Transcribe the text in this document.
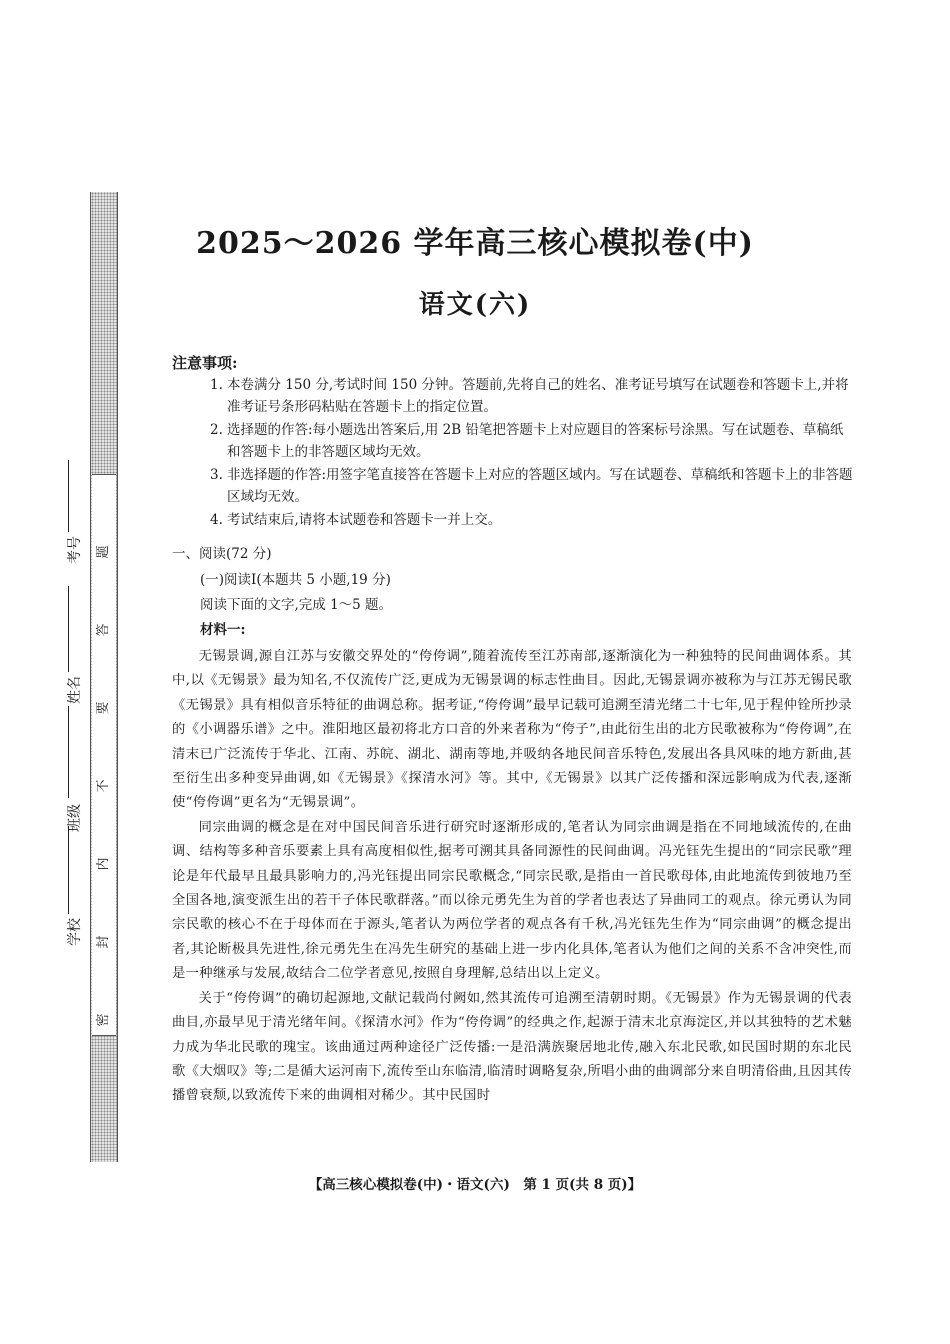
密
封
内
不
要
答
题
学校
班级
姓名
考号
2025～2026 学年高三核心模拟卷(中)
语文(六)
注意事项:
1. 本卷满分 150 分,考试时间 150 分钟。答题前,先将自己的姓名、准考证号填写在试题卷和答题卡上,并将准考证号条形码粘贴在答题卡上的指定位置。
2. 选择题的作答:每小题选出答案后,用 2B 铅笔把答题卡上对应题目的答案标号涂黑。写在试题卷、草稿纸和答题卡上的非答题区域均无效。
3. 非选择题的作答:用签字笔直接答在答题卡上对应的答题区域内。写在试题卷、草稿纸和答题卡上的非答题区域均无效。
4. 考试结束后,请将本试题卷和答题卡一并上交。
一、阅读(72 分)
(一)阅读Ⅰ(本题共 5 小题,19 分)
阅读下面的文字,完成 1～5 题。
材料一:

无锡景调,源自江苏与安徽交界处的“侉侉调”,随着流传至江苏南部,逐渐演化为一种独特的民间曲调体系。其中,以《无锡景》最为知名,不仅流传广泛,更成为无锡景调的标志性曲目。因此,无锡景调亦被称为与江苏无锡民歌《无锡景》具有相似音乐特征的曲调总称。据考证,“侉侉调”最早记载可追溯至清光绪二十七年,见于程仲铨所抄录的《小调器乐谱》之中。淮阳地区最初将北方口音的外来者称为“侉子”,由此衍生出的北方民歌被称为“侉侉调”,在清末已广泛流传于华北、江南、苏皖、湖北、湖南等地,并吸纳各地民间音乐特色,发展出各具风味的地方新曲,甚至衍生出多种变异曲调,如《无锡景》《探清水河》等。其中,《无锡景》以其广泛传播和深远影响成为代表,逐渐使“侉侉调”更名为“无锡景调”。

同宗曲调的概念是在对中国民间音乐进行研究时逐渐形成的,笔者认为同宗曲调是指在不同地域流传的,在曲调、结构等多种音乐要素上具有高度相似性,据考可溯其具备同源性的民间曲调。冯光钰先生提出的“同宗民歌”理论是年代最早且最具影响力的,冯光钰提出同宗民歌概念,“同宗民歌,是指由一首民歌母体,由此地流传到彼地乃至全国各地,演变派生出的若干子体民歌群落。”而以徐元勇先生为首的学者也表达了异曲同工的观点。徐元勇认为同宗民歌的核心不在于母体而在于源头,笔者认为两位学者的观点各有千秋,冯光钰先生作为“同宗曲调”的概念提出者,其论断极具先进性,徐元勇先生在冯先生研究的基础上进一步内化具体,笔者认为他们之间的关系不含冲突性,而是一种继承与发展,故结合二位学者意见,按照自身理解,总结出以上定义。

关于“侉侉调”的确切起源地,文献记载尚付阙如,然其流传可追溯至清朝时期。《无锡景》作为无锡景调的代表曲目,亦最早见于清光绪年间。《探清水河》作为“侉侉调”的经典之作,起源于清末北京海淀区,并以其独特的艺术魅力成为华北民歌的瑰宝。该曲通过两种途径广泛传播:一是沿满族聚居地北传,融入东北民歌,如民国时期的东北民歌《大烟叹》等;二是循大运河南下,流传至山东临清,临清时调略复杂,所唱小曲的曲调部分来自明清俗曲,且因其传播曾衰颓,以致流传下来的曲调相对稀少。其中民国时

【高三核心模拟卷(中)・语文(六)　第 1 页(共 8 页)】
